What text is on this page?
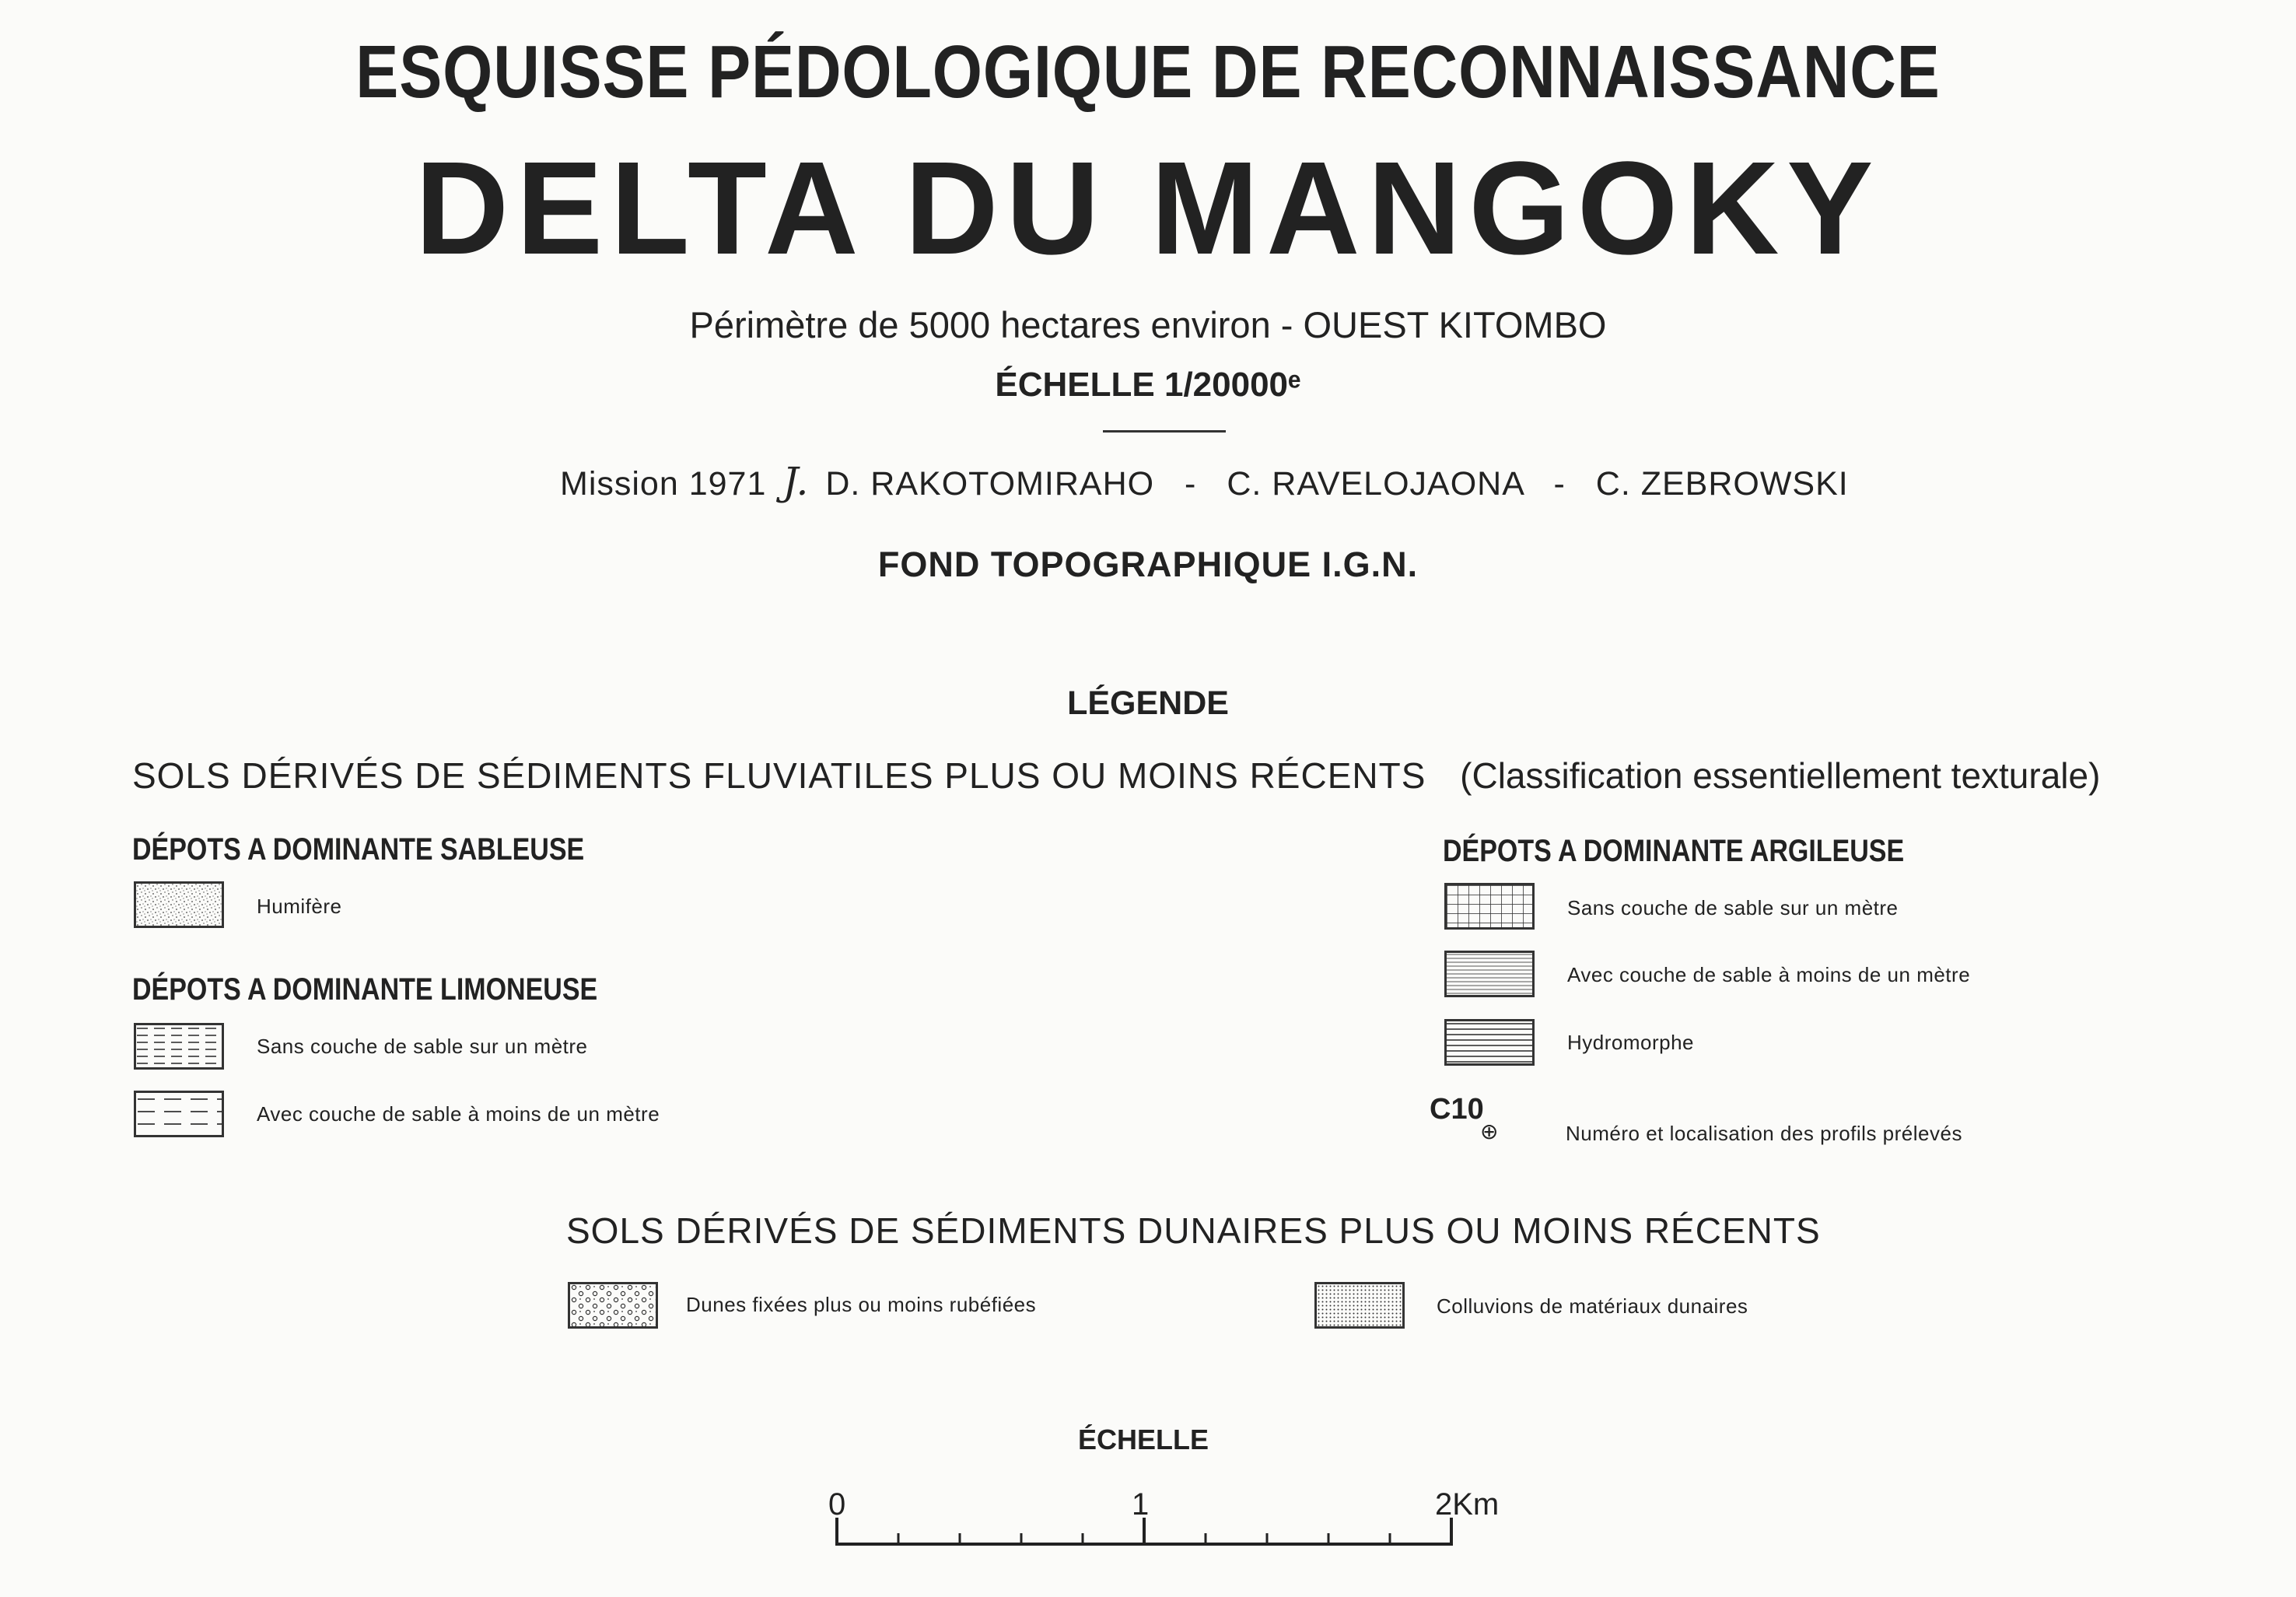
ESQUISSE PÉDOLOGIQUE DE RECONNAISSANCE
DELTA DU MANGOKY
Périmètre de 5000 hectares environ - OUEST KITOMBO
ÉCHELLE 1/20000ᵉ
Mission 1971 J. D. RAKOTOMIRAHO - C. RAVELOJAONA - C. ZEBROWSKI
FOND TOPOGRAPHIQUE I.G.N.
LÉGENDE
SOLS DÉRIVÉS DE SÉDIMENTS FLUVIATILES PLUS OU MOINS RÉCENTS (Classification essentiellement texturale)
DÉPOTS A DOMINANTE SABLEUSE
Humifère
DÉPOTS A DOMINANTE LIMONEUSE
Sans couche de sable sur un mètre
Avec couche de sable à moins de un mètre
DÉPOTS A DOMINANTE ARGILEUSE
Sans couche de sable sur un mètre
Avec couche de sable à moins de un mètre
Hydromorphe
C10
⊕	Numéro et localisation des profils prélevés
SOLS DÉRIVÉS DE SÉDIMENTS DUNAIRES PLUS OU MOINS RÉCENTS
Dunes fixées plus ou moins rubéfiées	Colluvions de matériaux dunaires
ÉCHELLE
0	1	2Km
